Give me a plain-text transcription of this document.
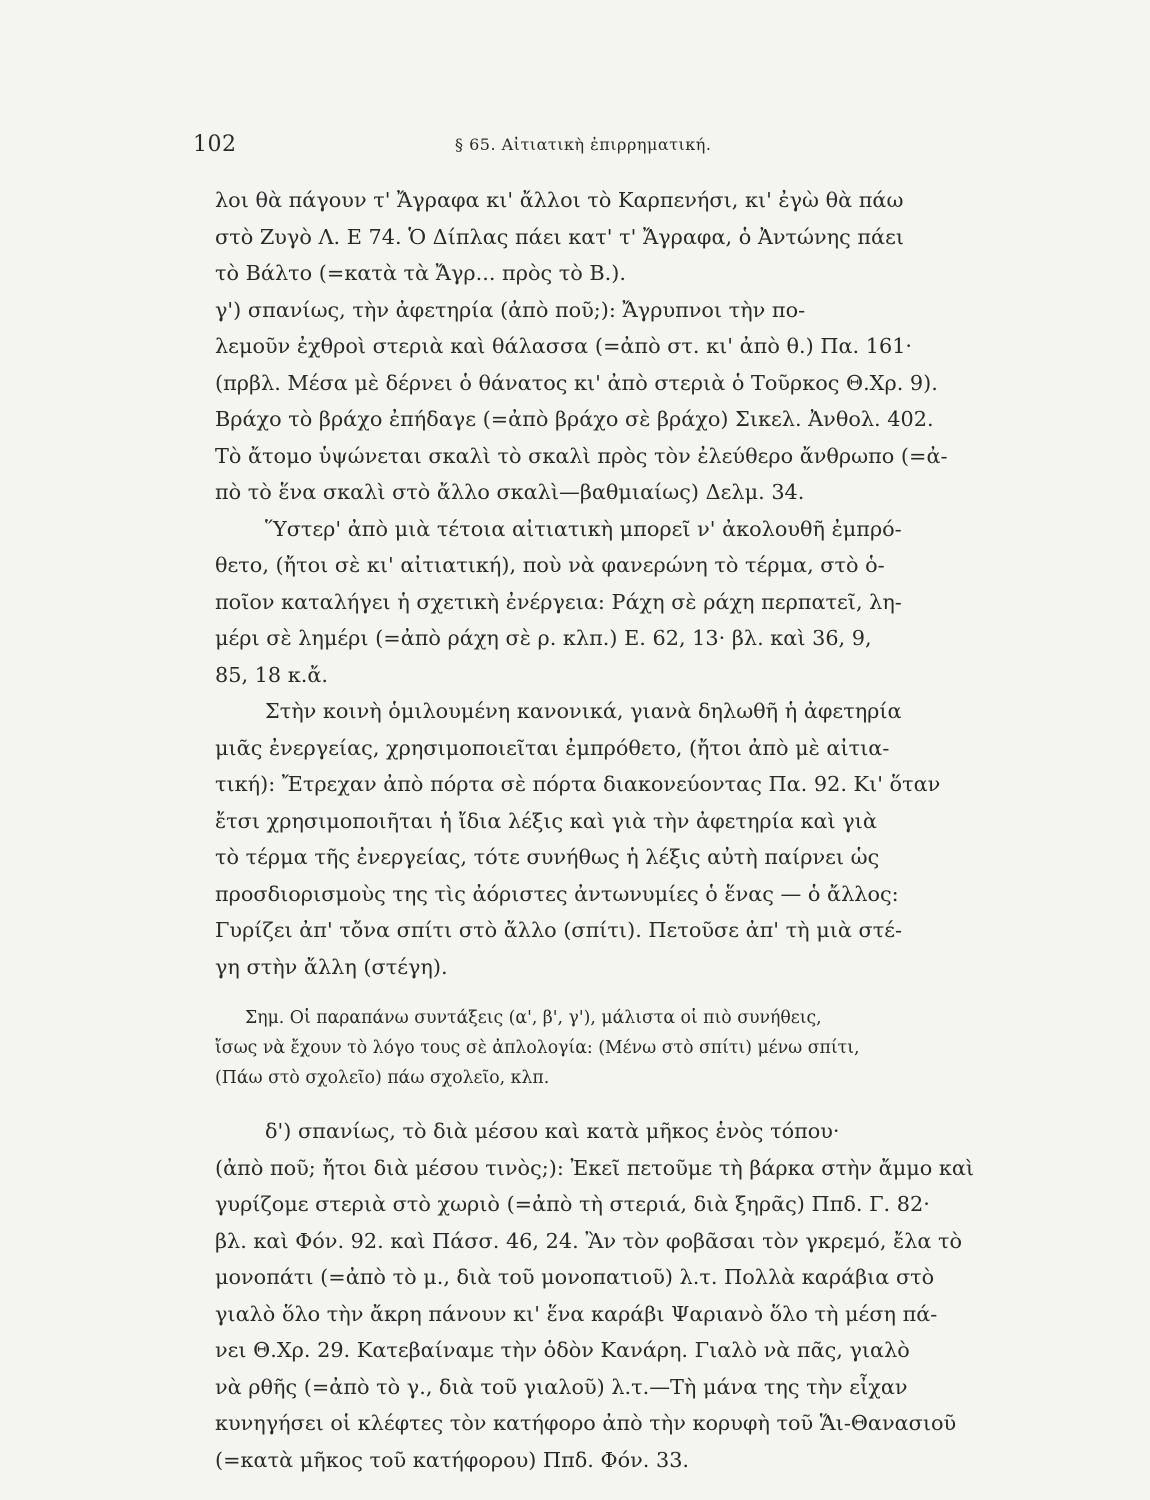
102	§ 65. Αἰτιατικὴ ἐπιρρηματική.
λοι θὰ πάγουν τ' Ἄγραφα κι' ἄλλοι τὸ Καρπενήσι, κι' ἐγὼ θὰ πάω
στὸ Ζυγὸ Λ. Ε 74. Ὁ Δίπλας πάει κατ' τ' Ἄγραφα, ὁ Ἀντώνης πάει
τὸ Βάλτο (=κατὰ τὰ Ἄγρ... πρὸς τὸ Β.).
γ') σπανίως, τὴν ἀφετηρία (ἀπὸ ποῦ;): Ἄγρυπνοι τὴν πο-
λεμοῦν ἐχθροὶ στεριὰ καὶ θάλασσα (=ἀπὸ στ. κι' ἀπὸ θ.) Πα. 161·
(πρβλ. Μέσα μὲ δέρνει ὁ θάνατος κι' ἀπὸ στεριὰ ὁ Τοῦρκος Θ.Χρ. 9).
Βράχο τὸ βράχο ἐπήδαγε (=ἀπὸ βράχο σὲ βράχο) Σικελ. Ἀνθολ. 402.
Τὸ ἄτομο ὑψώνεται σκαλὶ τὸ σκαλὶ πρὸς τὸν ἐλεύθερο ἄνθρωπο (=ἀ-
πὸ τὸ ἕνα σκαλὶ στὸ ἄλλο σκαλὶ—βαθμιαίως) Δελμ. 34.
Ὕστερ' ἀπὸ μιὰ τέτοια αἰτιατικὴ μπορεῖ ν' ἀκολουθῆ ἐμπρό-
θετο, (ἤτοι σὲ κι' αἰτιατική), ποὺ νὰ φανερώνη τὸ τέρμα, στὸ ὁ-
ποῖον καταλήγει ἡ σχετικὴ ἐνέργεια: Ράχη σὲ ράχη περπατεῖ, λη-
μέρι σὲ λημέρι (=ἀπὸ ράχη σὲ ρ. κλπ.) Ε. 62, 13· βλ. καὶ 36, 9,
85, 18 κ.ἄ.
Στὴν κοινὴ ὁμιλουμένη κανονικά, γιανὰ δηλωθῆ ἡ ἀφετηρία
μιᾶς ἐνεργείας, χρησιμοποιεῖται ἐμπρόθετο, (ἤτοι ἀπὸ μὲ αἰτια-
τική): Ἔτρεχαν ἀπὸ πόρτα σὲ πόρτα διακονεύοντας Πα. 92. Κι' ὅταν
ἔτσι χρησιμοποιῆται ἡ ἴδια λέξις καὶ γιὰ τὴν ἀφετηρία καὶ γιὰ
τὸ τέρμα τῆς ἐνεργείας, τότε συνήθως ἡ λέξις αὐτὴ παίρνει ὡς
προσδιορισμοὺς της τὶς ἀόριστες ἀντωνυμίες ὁ ἕνας — ὁ ἄλλος:
Γυρίζει ἀπ' τὄνα σπίτι στὸ ἄλλο (σπίτι). Πετοῦσε ἀπ' τὴ μιὰ στέ-
γη στὴν ἄλλη (στέγη).
Σημ. Οἱ παραπάνω συντάξεις (α', β', γ'), μάλιστα οἱ πιὸ συνήθεις,
ἴσως νὰ ἔχουν τὸ λόγο τους σὲ ἀπλολογία: (Μένω στὸ σπίτι) μένω σπίτι,
(Πάω στὸ σχολεῖο) πάω σχολεῖο, κλπ.
δ') σπανίως, τὸ διὰ μέσου καὶ κατὰ μῆκος ἑνὸς τόπου·
(ἀπὸ ποῦ; ἤτοι διὰ μέσου τινὸς;): Ἐκεῖ πετοῦμε τὴ βάρκα στὴν ἄμμο καὶ
γυρίζομε στεριὰ στὸ χωριὸ (=ἀπὸ τὴ στεριά, διὰ ξηρᾶς) Ππδ. Γ. 82·
βλ. καὶ Φόν. 92. καὶ Πάσσ. 46, 24. Ἂν τὸν φοβᾶσαι τὸν γκρεμό, ἔλα τὸ
μονοπάτι (=ἀπὸ τὸ μ., διὰ τοῦ μονοπατιοῦ) λ.τ. Πολλὰ καράβια στὸ
γιαλὸ ὅλο τὴν ἄκρη πάνουν κι' ἕνα καράβι Ψαριανὸ ὅλο τὴ μέση πά-
νει Θ.Χρ. 29. Κατεβαίναμε τὴν ὁδὸν Κανάρη. Γιαλὸ νὰ πᾶς, γιαλὸ
νὰ ρθῆς (=ἀπὸ τὸ γ., διὰ τοῦ γιαλοῦ) λ.τ.—Τὴ μάνα της τὴν εἶχαν
κυνηγήσει οἱ κλέφτες τὸν κατήφορο ἀπὸ τὴν κορυφὴ τοῦ Ἅι-Θανασιοῦ
(=κατὰ μῆκος τοῦ κατήφορου) Ππδ. Φόν. 33.
